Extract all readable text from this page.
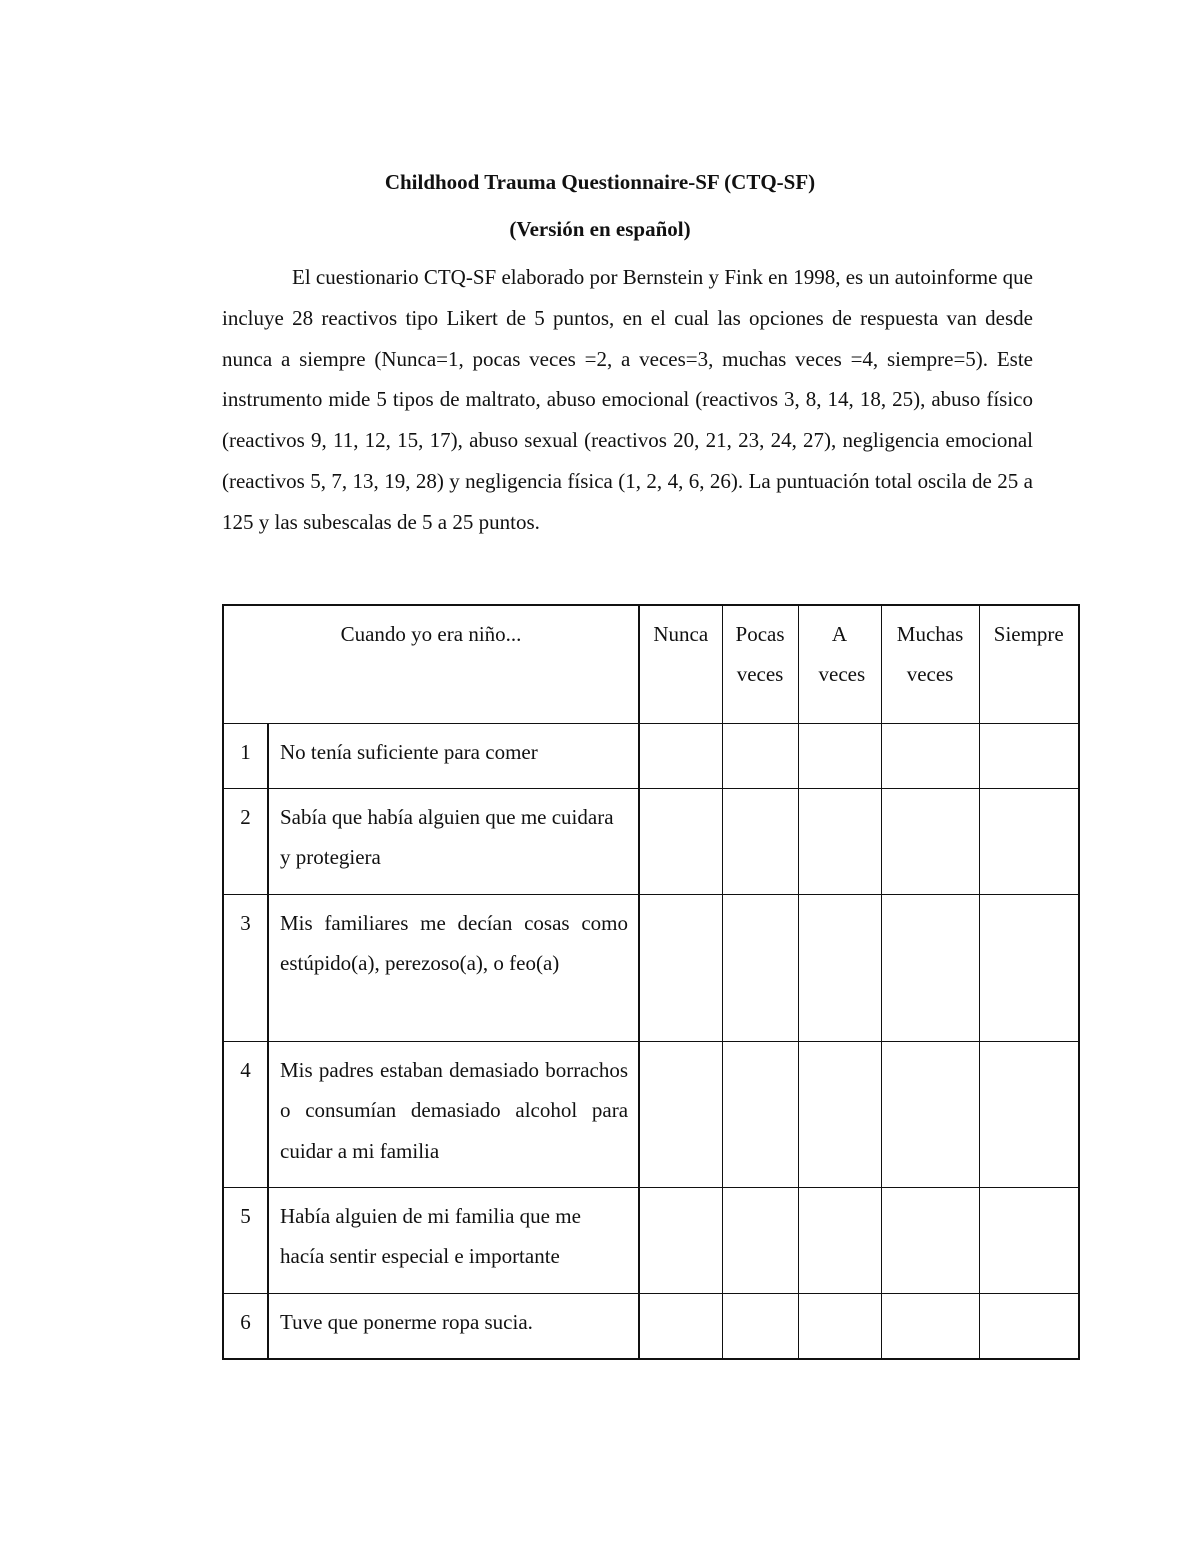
Childhood Trauma Questionnaire-SF (CTQ-SF)
(Versión en español)

El cuestionario CTQ-SF elaborado por Bernstein y Fink en 1998, es un autoinforme que incluye 28 reactivos tipo Likert de 5 puntos, en el cual las opciones de respuesta van desde nunca a siempre (Nunca=1, pocas veces =2, a veces=3, muchas veces =4, siempre=5). Este instrumento mide 5 tipos de maltrato, abuso emocional (reactivos 3, 8, 14, 18, 25), abuso físico (reactivos 9, 11, 12, 15, 17), abuso sexual (reactivos 20, 21, 23, 24, 27), negligencia emocional (reactivos 5, 7, 13, 19, 28) y negligencia física (1, 2, 4, 6, 26). La puntuación total oscila de 25 a 125 y las subescalas de 5 a 25 puntos.

Cuando yo era niño...		Nunca	Pocas veces	A veces	Muchas veces	Siempre
1	No tenía suficiente para comer					
2	Sabía que había alguien que me cuidara y protegiera					
3	Mis familiares me decían cosas como estúpido(a), perezoso(a), o feo(a)					
4	Mis padres estaban demasiado borrachos o consumían demasiado alcohol para cuidar a mi familia					
5	Había alguien de mi familia que me hacía sentir especial e importante					
6	Tuve que ponerme ropa sucia.					
